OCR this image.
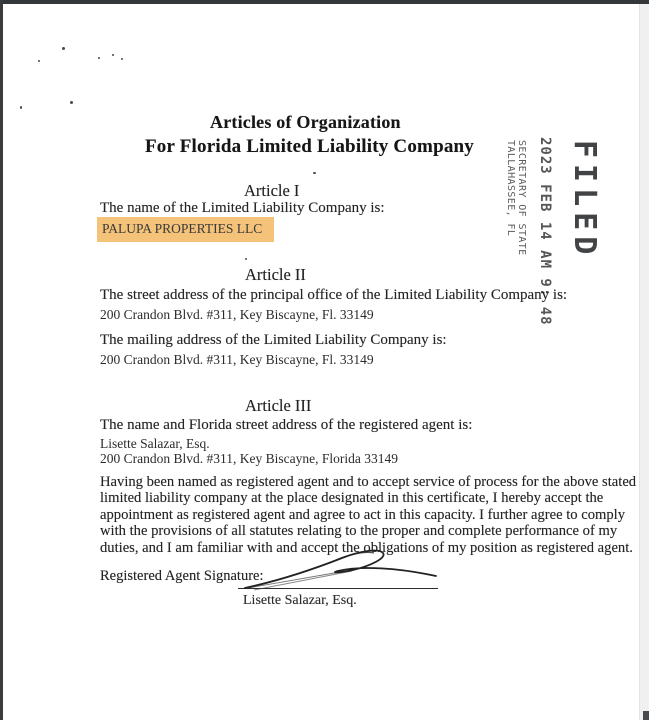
Articles of Organization
For Florida Limited Liability Company	FILED
2023 FEB 14 AM 9: 48
SECRETARY OF STATE
TALLAHASSEE, FL
Article I
The name of the Limited Liability Company is:
PALUPA PROPERTIES LLC
Article II
The street address of the principal office of the Limited Liability Company is:
200 Crandon Blvd. #311, Key Biscayne, Fl. 33149
The mailing address of the Limited Liability Company is:
200 Crandon Blvd. #311, Key Biscayne, Fl. 33149
Article III
The name and Florida street address of the registered agent is:
Lisette Salazar, Esq.
200 Crandon Blvd. #311, Key Biscayne, Florida 33149
Having been named as registered agent and to accept service of process for the above stated
limited liability company at the place designated in this certificate, I hereby accept the
appointment as registered agent and agree to act in this capacity. I further agree to comply
with the provisions of all statutes relating to the proper and complete performance of my
duties, and I am familiar with and accept the obligations of my position as registered agent.
Registered Agent Signature:
Lisette Salazar, Esq.
